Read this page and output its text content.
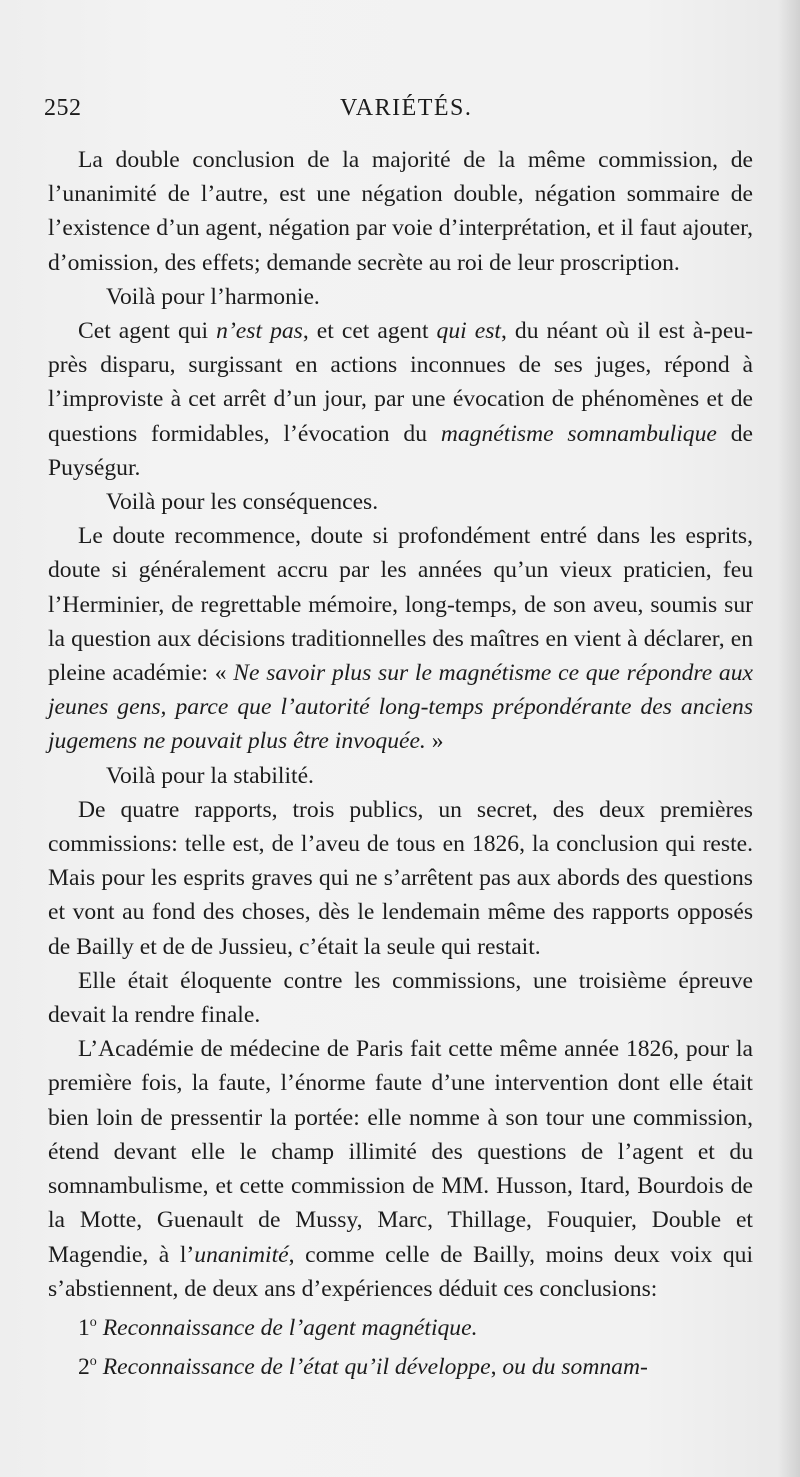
252	VARIÉTÉS.

La double conclusion de la majorité de la même commission, de l’unanimité de l’autre, est une négation double, négation sommaire de l’existence d’un agent, négation par voie d’interprétation, et il faut ajouter, d’omission, des effets; demande secrète au roi de leur proscription.

Voilà pour l’harmonie.

Cet agent qui n’est pas, et cet agent qui est, du néant où il est à-peu-près disparu, surgissant en actions inconnues de ses juges, répond à l’improviste à cet arrêt d’un jour, par une évocation de phénomènes et de questions formidables, l’évocation du magnétisme somnambulique de Puységur.

Voilà pour les conséquences.

Le doute recommence, doute si profondément entré dans les esprits, doute si généralement accru par les années qu’un vieux praticien, feu l’Herminier, de regrettable mémoire, long-temps, de son aveu, soumis sur la question aux décisions traditionnelles des maîtres en vient à déclarer, en pleine académie: « Ne savoir plus sur le magnétisme ce que répondre aux jeunes gens, parce que l’autorité long-temps prépondérante des anciens jugemens ne pouvait plus être invoquée. »

Voilà pour la stabilité.

De quatre rapports, trois publics, un secret, des deux premières commissions: telle est, de l’aveu de tous en 1826, la conclusion qui reste. Mais pour les esprits graves qui ne s’arrêtent pas aux abords des questions et vont au fond des choses, dès le lendemain même des rapports opposés de Bailly et de de Jussieu, c’était la seule qui restait.

Elle était éloquente contre les commissions, une troisième épreuve devait la rendre finale.

L’Académie de médecine de Paris fait cette même année 1826, pour la première fois, la faute, l’énorme faute d’une intervention dont elle était bien loin de pressentir la portée: elle nomme à son tour une commission, étend devant elle le champ illimité des questions de l’agent et du somnambulisme, et cette commission de MM. Husson, Itard, Bourdois de la Motte, Guenault de Mussy, Marc, Thillage, Fouquier, Double et Magendie, à l’unanimité, comme celle de Bailly, moins deux voix qui s’abstiennent, de deux ans d’expériences déduit ces conclusions:

1$^o$ Reconnaissance de l’agent magnétique.

2$^o$ Reconnaissance de l’état qu’il développe, ou du somnam-
